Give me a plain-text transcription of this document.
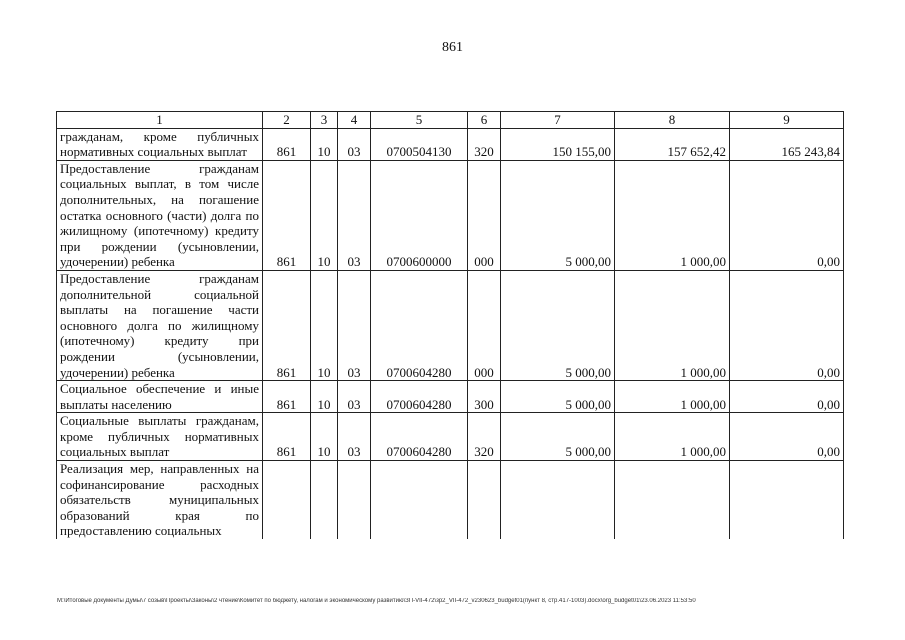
861
1	2	3	4	5	6	7	8	9
гражданам, кроме публичных нормативных социальных выплат	861	10	03	0700504130	320	150 155,00	157 652,42	165 243,84
Предоставление гражданам социальных выплат, в том числе дополнительных, на погашение остатка основного (части) долга по жилищному (ипотечному) кредиту при рождении (усыновлении, удочерении) ребенка	861	10	03	0700600000	000	5 000,00	1 000,00	0,00
Предоставление гражданам дополнительной социальной выплаты на погашение части основного долга по жилищному (ипотечному) кредиту при рождении (усыновлении, удочерении) ребенка	861	10	03	0700604280	000	5 000,00	1 000,00	0,00
Социальное обеспечение и иные выплаты населению	861	10	03	0700604280	300	5 000,00	1 000,00	0,00
Социальные выплаты гражданам, кроме публичных нормативных социальных выплат	861	10	03	0700604280	320	5 000,00	1 000,00	0,00
Реализация мер, направленных на софинансирование расходных обязательств муниципальных образований края по предоставлению социальных								
M:\Итоговые документы Думы\7 созыв\Проекты\Законы\2 чтение\Комитет по бюджету, налогам и экономическому развитию\ЗП-VII-472\зр2_VII-472_v230623_budget01(пункт 8, стр.417-1003).docx\org_budget01\23.06.2023 11:53:50
